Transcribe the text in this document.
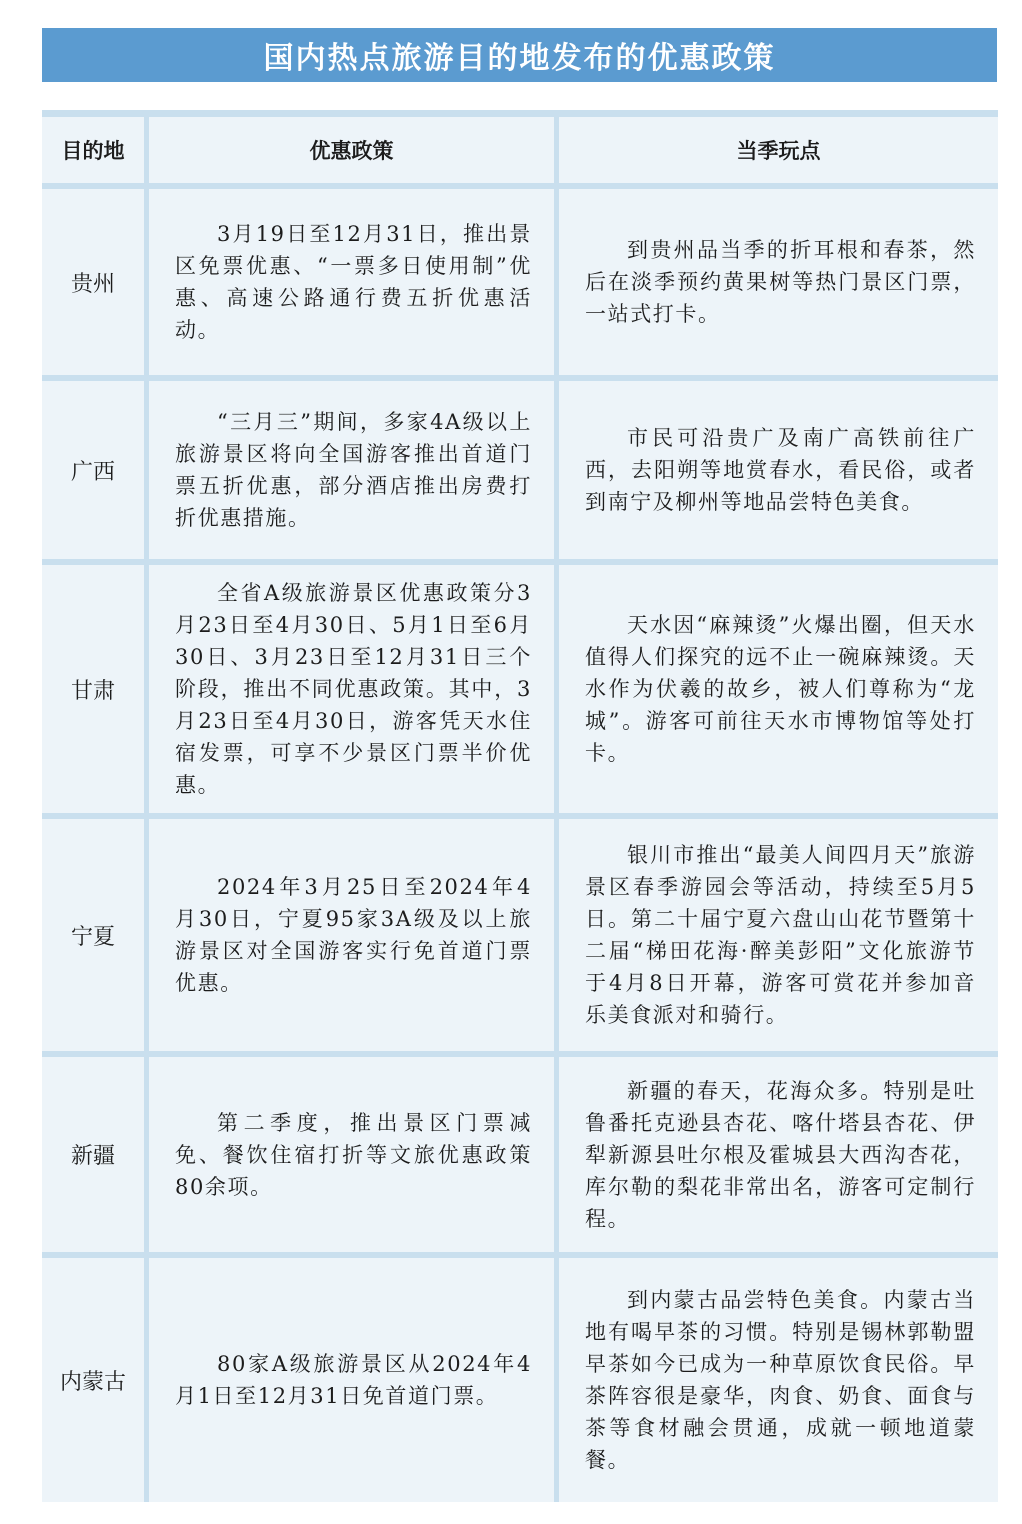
国内热点旅游目的地发布的优惠政策
目的地	优惠政策	当季玩点
贵州

3月19日至12月31日，推出景区免票优惠、“一票多日使用制”优惠、高速公路通行费五折优惠活动。

到贵州品当季的折耳根和春茶，然后在淡季预约黄果树等热门景区门票，一站式打卡。

广西

“三月三”期间，多家4A级以上旅游景区将向全国游客推出首道门票五折优惠，部分酒店推出房费打折优惠措施。

市民可沿贵广及南广高铁前往广西，去阳朔等地赏春水，看民俗，或者到南宁及柳州等地品尝特色美食。

甘肃

全省A级旅游景区优惠政策分3月23日至4月30日、5月1日至6月30日、3月23日至12月31日三个阶段，推出不同优惠政策。其中，3月23日至4月30日，游客凭天水住宿发票，可享不少景区门票半价优惠。

天水因“麻辣烫”火爆出圈，但天水值得人们探究的远不止一碗麻辣烫。天水作为伏羲的故乡，被人们尊称为“龙城”。游客可前往天水市博物馆等处打卡。

宁夏

2024年3月25日至2024年4月30日，宁夏95家3A级及以上旅游景区对全国游客实行免首道门票优惠。

银川市推出“最美人间四月天”旅游景区春季游园会等活动，持续至5月5日。第二十届宁夏六盘山山花节暨第十二届“梯田花海·醉美彭阳”文化旅游节于4月8日开幕，游客可赏花并参加音乐美食派对和骑行。

新疆

第二季度，推出景区门票减免、餐饮住宿打折等文旅优惠政策80余项。

新疆的春天，花海众多。特别是吐鲁番托克逊县杏花、喀什塔县杏花、伊犁新源县吐尔根及霍城县大西沟杏花，库尔勒的梨花非常出名，游客可定制行程。

内蒙古

80家A级旅游景区从2024年4月1日至12月31日免首道门票。

到内蒙古品尝特色美食。内蒙古当地有喝早茶的习惯。特别是锡林郭勒盟早茶如今已成为一种草原饮食民俗。早茶阵容很是豪华，肉食、奶食、面食与茶等食材融会贯通，成就一顿地道蒙餐。
